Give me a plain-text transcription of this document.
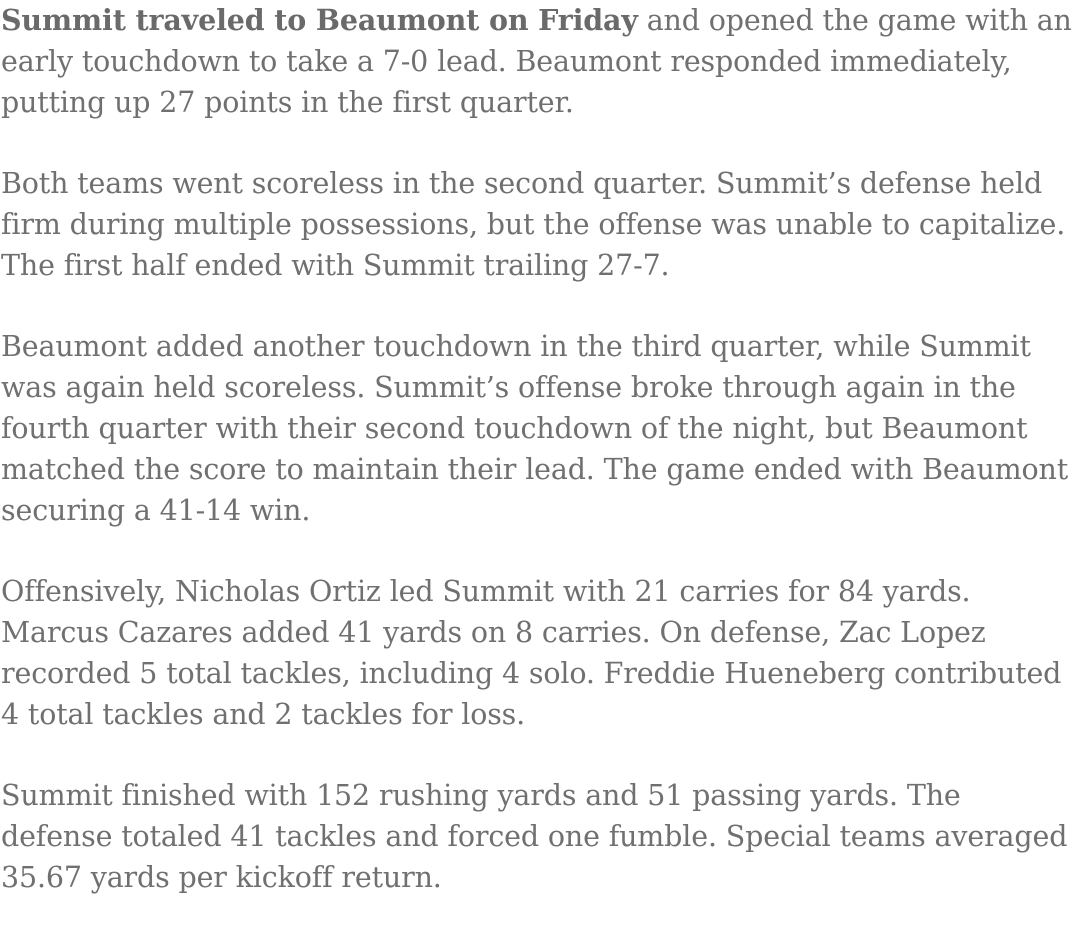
Summit traveled to Beaumont on Friday and opened the game with an early touchdown to take a 7-0 lead. Beaumont responded immediately, putting up 27 points in the first quarter.

Both teams went scoreless in the second quarter. Summit’s defense held firm during multiple possessions, but the offense was unable to capitalize. The first half ended with Summit trailing 27-7.

Beaumont added another touchdown in the third quarter, while Summit was again held scoreless. Summit’s offense broke through again in the fourth quarter with their second touchdown of the night, but Beaumont matched the score to maintain their lead. The game ended with Beaumont securing a 41-14 win.

Offensively, Nicholas Ortiz led Summit with 21 carries for 84 yards. Marcus Cazares added 41 yards on 8 carries. On defense, Zac Lopez recorded 5 total tackles, including 4 solo. Freddie Hueneberg contributed 4 total tackles and 2 tackles for loss.

Summit finished with 152 rushing yards and 51 passing yards. The defense totaled 41 tackles and forced one fumble. Special teams averaged 35.67 yards per kickoff return.
